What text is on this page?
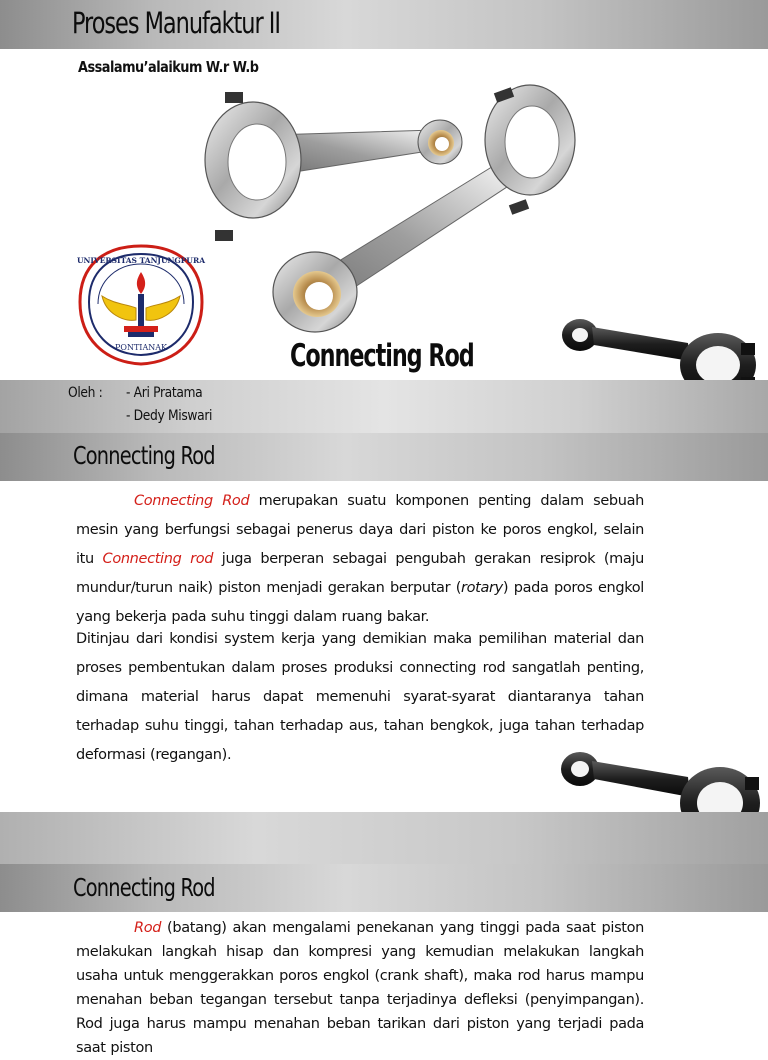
Proses Manufaktur II
Assalamu’alaikum W.r W.b
UNIVERSITAS TANJUNGPURA
PONTIANAK	Connecting Rod
Oleh : - Ari Pratama
- Dedy Miswari
Connecting Rod
Connecting Rod merupakan suatu komponen penting dalam sebuah mesin yang berfungsi sebagai penerus daya dari piston ke poros engkol, selain itu Connecting rod juga berperan sebagai pengubah gerakan resiprok (maju mundur/turun naik) piston menjadi gerakan berputar (rotary) pada poros engkol yang bekerja pada suhu tinggi dalam ruang bakar.
Ditinjau dari kondisi system kerja yang demikian maka pemilihan material dan proses pembentukan dalam proses produksi connecting rod sangatlah penting, dimana material harus dapat memenuhi syarat-syarat diantaranya tahan terhadap suhu tinggi, tahan terhadap aus, tahan bengkok, juga tahan terhadap deformasi (regangan).
Connecting Rod
Rod (batang) akan mengalami penekanan yang tinggi pada saat piston melakukan langkah hisap dan kompresi yang kemudian melakukan langkah usaha untuk menggerakkan poros engkol (crank shaft), maka rod harus mampu menahan beban tegangan tersebut tanpa terjadinya defleksi (penyimpangan). Rod juga harus mampu menahan beban tarikan dari piston yang terjadi pada saat piston
